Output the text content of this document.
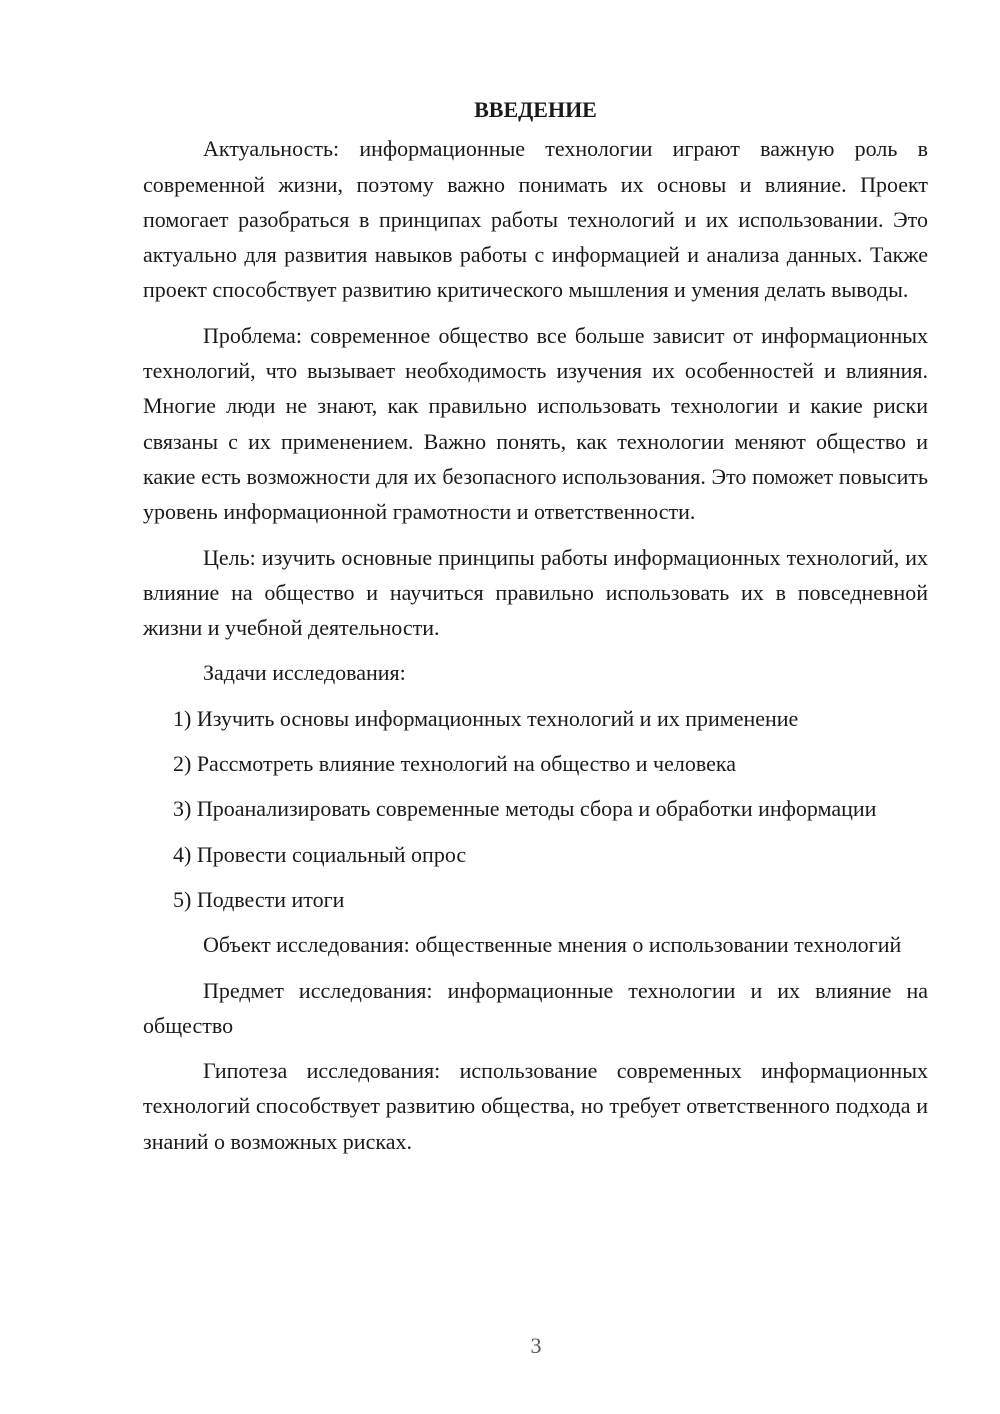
ВВЕДЕНИЕ

Актуальность: информационные технологии играют важную роль в современной жизни, поэтому важно понимать их основы и влияние. Проект помогает разобраться в принципах работы технологий и их использовании. Это актуально для развития навыков работы с информацией и анализа данных. Также проект способствует развитию критического мышления и умения делать выводы.

Проблема: современное общество все больше зависит от информационных технологий, что вызывает необходимость изучения их особенностей и влияния. Многие люди не знают, как правильно использовать технологии и какие риски связаны с их применением. Важно понять, как технологии меняют общество и какие есть возможности для их безопасного использования. Это поможет повысить уровень информационной грамотности и ответственности.

Цель: изучить основные принципы работы информационных технологий, их влияние на общество и научиться правильно использовать их в повседневной жизни и учебной деятельности.

Задачи исследования:

1) Изучить основы информационных технологий и их применение

2) Рассмотреть влияние технологий на общество и человека

3) Проанализировать современные методы сбора и обработки информации

4) Провести социальный опрос

5) Подвести итоги

Объект исследования: общественные мнения о использовании технологий

Предмет исследования: информационные технологии и их влияние на общество

Гипотеза исследования: использование современных информационных технологий способствует развитию общества, но требует ответственного подхода и знаний о возможных рисках.

3
